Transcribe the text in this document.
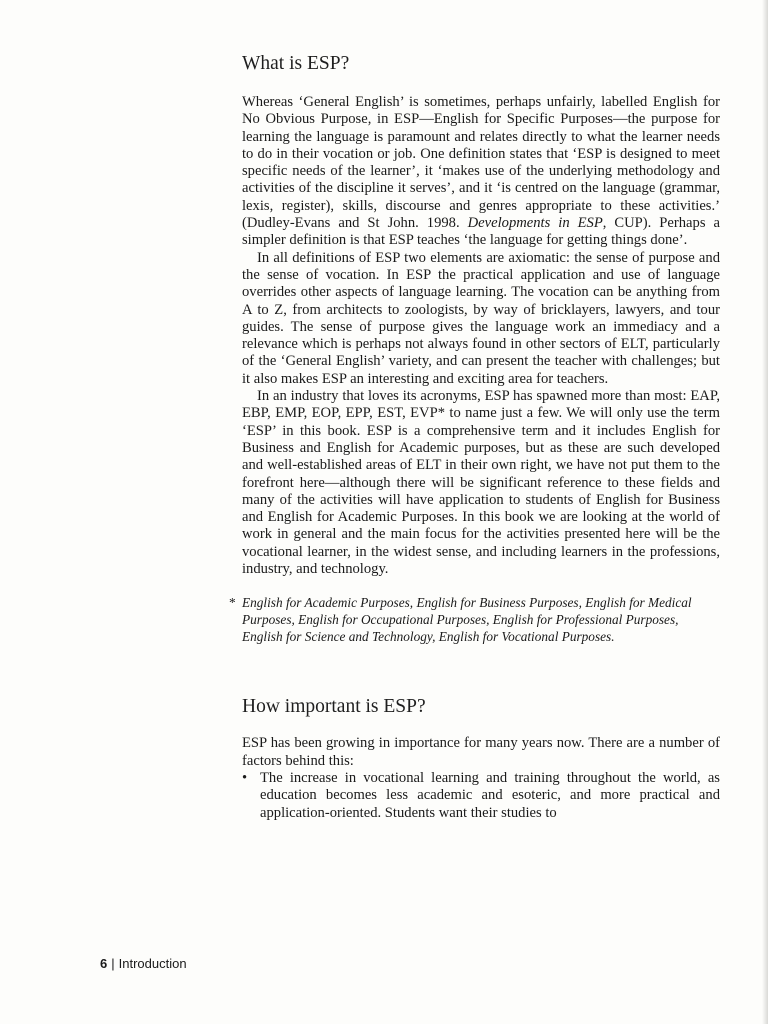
What is ESP?

Whereas ‘General English’ is sometimes, perhaps unfairly, labelled English for No Obvious Purpose, in ESP—English for Specific Purposes—the purpose for learning the language is paramount and relates directly to what the learner needs to do in their vocation or job. One definition states that ‘ESP is designed to meet specific needs of the learner’, it ‘makes use of the underlying methodology and activities of the discipline it serves’, and it ‘is centred on the language (grammar, lexis, register), skills, discourse and genres appropriate to these activities.’ (Dudley-Evans and St John. 1998. Developments in ESP, CUP). Perhaps a simpler definition is that ESP teaches ‘the language for getting things done’.

In all definitions of ESP two elements are axiomatic: the sense of purpose and the sense of vocation. In ESP the practical application and use of language overrides other aspects of language learning. The vocation can be anything from A to Z, from architects to zoologists, by way of bricklayers, lawyers, and tour guides. The sense of purpose gives the language work an immediacy and a relevance which is perhaps not always found in other sectors of ELT, particularly of the ‘General English’ variety, and can present the teacher with challenges; but it also makes ESP an interesting and exciting area for teachers.

In an industry that loves its acronyms, ESP has spawned more than most: EAP, EBP, EMP, EOP, EPP, EST, EVP* to name just a few. We will only use the term ‘ESP’ in this book. ESP is a comprehensive term and it includes English for Business and English for Academic purposes, but as these are such developed and well-established areas of ELT in their own right, we have not put them to the forefront here—although there will be significant reference to these fields and many of the activities will have application to students of English for Business and English for Academic Purposes. In this book we are looking at the world of work in general and the main focus for the activities presented here will be the vocational learner, in the widest sense, and including learners in the professions, industry, and technology.

* English for Academic Purposes, English for Business Purposes, English for Medical Purposes, English for Occupational Purposes, English for Professional Purposes, English for Science and Technology, English for Vocational Purposes.
How important is ESP?

ESP has been growing in importance for many years now. There are a number of factors behind this:

• The increase in vocational learning and training throughout the world, as education becomes less academic and esoteric, and more practical and application-oriented. Students want their studies to
6 | Introduction
